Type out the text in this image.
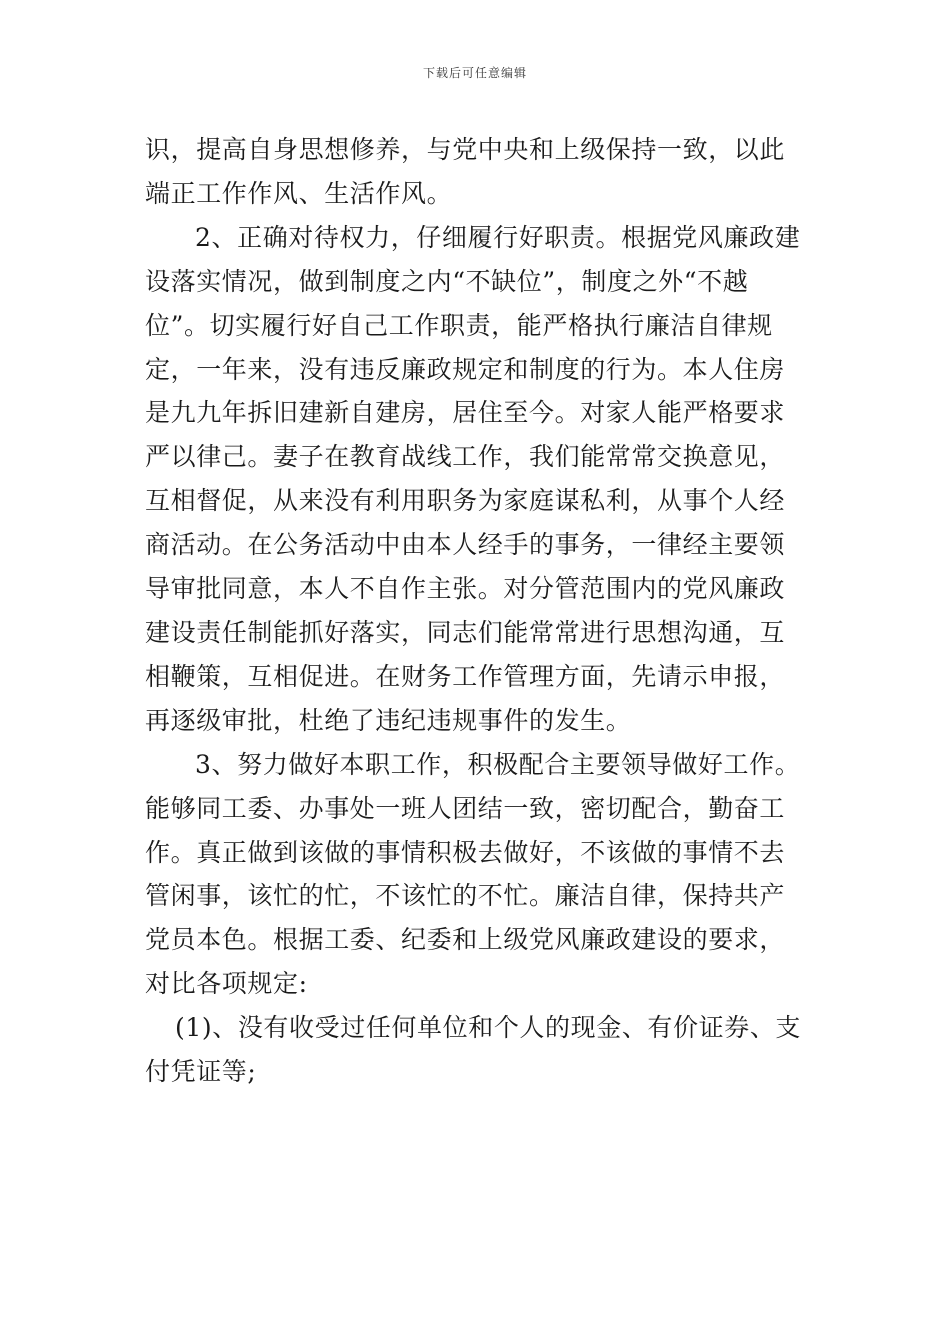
下载后可任意编辑

识，提高自身思想修养，与党中央和上级保持一致，以此端正工作作风、生活作风。

2、正确对待权力，仔细履行好职责。根据党风廉政建设落实情况，做到制度之内“不缺位”，制度之外“不越位”。切实履行好自己工作职责，能严格执行廉洁自律规定，一年来，没有违反廉政规定和制度的行为。本人住房是九九年拆旧建新自建房，居住至今。对家人能严格要求严以律己。妻子在教育战线工作，我们能常常交换意见，互相督促，从来没有利用职务为家庭谋私利，从事个人经商活动。在公务活动中由本人经手的事务，一律经主要领导审批同意，本人不自作主张。对分管范围内的党风廉政建设责任制能抓好落实，同志们能常常进行思想沟通，互相鞭策，互相促进。在财务工作管理方面，先请示申报，再逐级审批，杜绝了违纪违规事件的发生。

3、努力做好本职工作，积极配合主要领导做好工作。能够同工委、办事处一班人团结一致，密切配合，勤奋工作。真正做到该做的事情积极去做好，不该做的事情不去管闲事，该忙的忙，不该忙的不忙。廉洁自律，保持共产党员本色。根据工委、纪委和上级党风廉政建设的要求，对比各项规定:

(1)、没有收受过任何单位和个人的现金、有价证券、支付凭证等;
